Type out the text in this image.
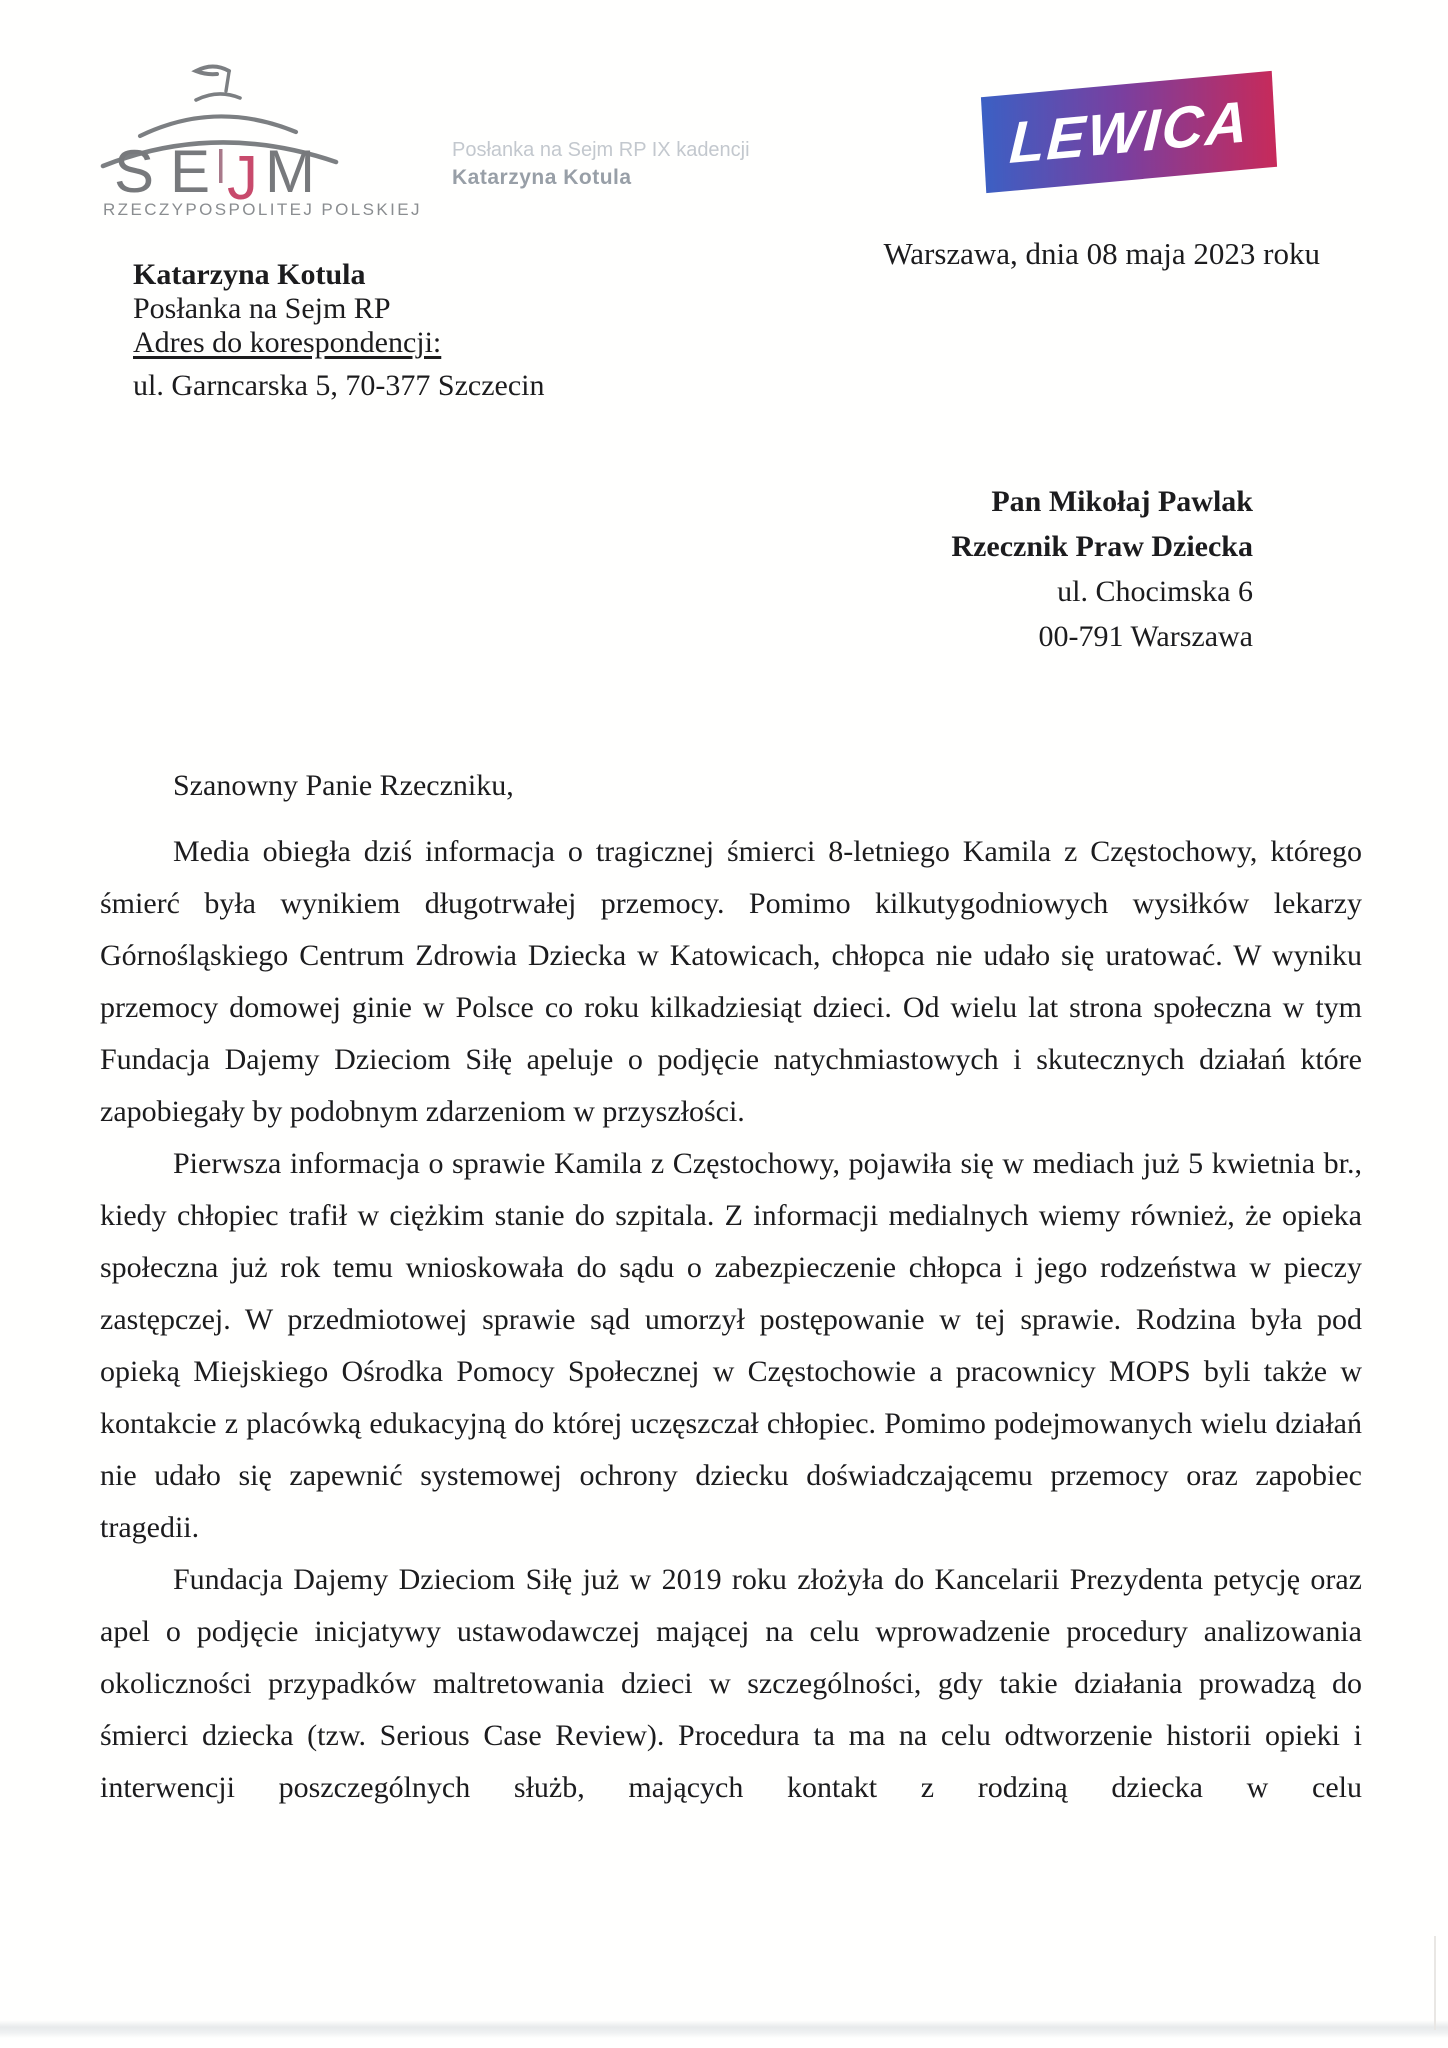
S E J M
RZECZYPOSPOLITEJ POLSKIEJ
Posłanka na Sejm RP IX kadencji
Katarzyna Kotula
LEWICA
Warszawa, dnia 08 maja 2023 roku
Katarzyna Kotula
Posłanka na Sejm RP
Adres do korespondencji:
ul. Garncarska 5, 70-377 Szczecin
Pan Mikołaj Pawlak
Rzecznik Praw Dziecka
ul. Chocimska 6
00-791 Warszawa

Szanowny Panie Rzeczniku,

Media obiegła dziś informacja o tragicznej śmierci 8-letniego Kamila z Częstochowy, którego śmierć była wynikiem długotrwałej przemocy. Pomimo kilkutygodniowych wysiłków lekarzy Górnośląskiego Centrum Zdrowia Dziecka w Katowicach, chłopca nie udało się uratować. W wyniku przemocy domowej ginie w Polsce co roku kilkadziesiąt dzieci. Od wielu lat strona społeczna w tym Fundacja Dajemy Dzieciom Siłę apeluje o podjęcie natychmiastowych i skutecznych działań które zapobiegały by podobnym zdarzeniom w przyszłości.

Pierwsza informacja o sprawie Kamila z Częstochowy, pojawiła się w mediach już 5 kwietnia br., kiedy chłopiec trafił w ciężkim stanie do szpitala. Z informacji medialnych wiemy również, że opieka społeczna już rok temu wnioskowała do sądu o zabezpieczenie chłopca i jego rodzeństwa w pieczy zastępczej. W przedmiotowej sprawie sąd umorzył postępowanie w tej sprawie. Rodzina była pod opieką Miejskiego Ośrodka Pomocy Społecznej w Częstochowie a pracownicy MOPS byli także w kontakcie z placówką edukacyjną do której uczęszczał chłopiec. Pomimo podejmowanych wielu działań nie udało się zapewnić systemowej ochrony dziecku doświadczającemu przemocy oraz zapobiec tragedii.

Fundacja Dajemy Dzieciom Siłę już w 2019 roku złożyła do Kancelarii Prezydenta petycję oraz apel o podjęcie inicjatywy ustawodawczej mającej na celu wprowadzenie procedury analizowania okoliczności przypadków maltretowania dzieci w szczególności, gdy takie działania prowadzą do śmierci dziecka (tzw. Serious Case Review). Procedura ta ma na celu odtworzenie historii opieki i interwencji poszczególnych służb, mających kontakt z rodziną dziecka w celu
